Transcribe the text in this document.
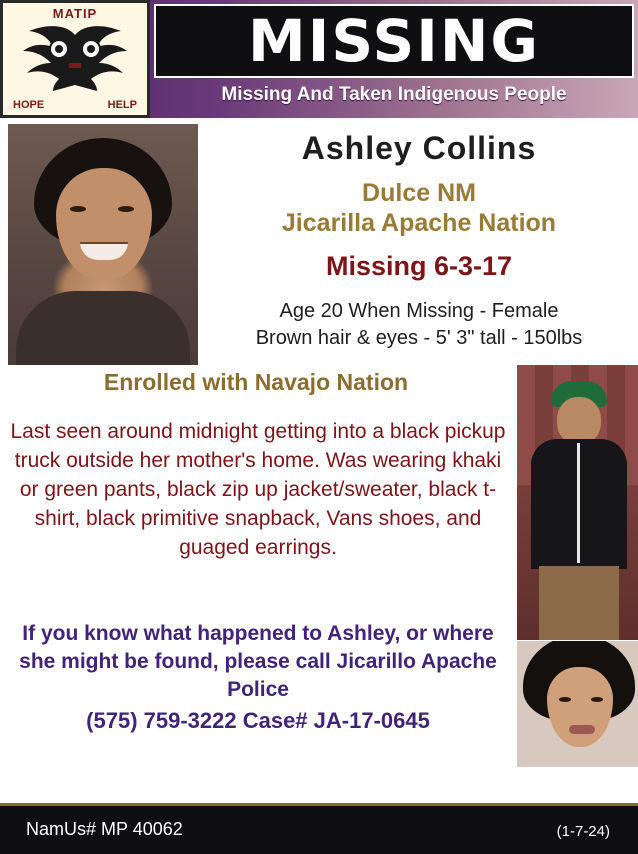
MATIP
HOPE	HELP
MISSING
Missing And Taken Indigenous People
Ashley Collins
Dulce NM
Jicarilla Apache Nation
Missing 6-3-17
Age 20 When Missing - Female
Brown hair & eyes - 5' 3" tall - 150lbs
Enrolled with Navajo Nation
Last seen around midnight getting into a black pickup truck outside her mother's home. Was wearing khaki or green pants, black zip up jacket/sweater, black t-shirt, black primitive snapback, Vans shoes, and guaged earrings.
If you know what happened to Ashley, or where she might be found, please call Jicarillo Apache Police
(575) 759-3222 Case# JA-17-0645
NamUs# MP 40062	(1-7-24)
